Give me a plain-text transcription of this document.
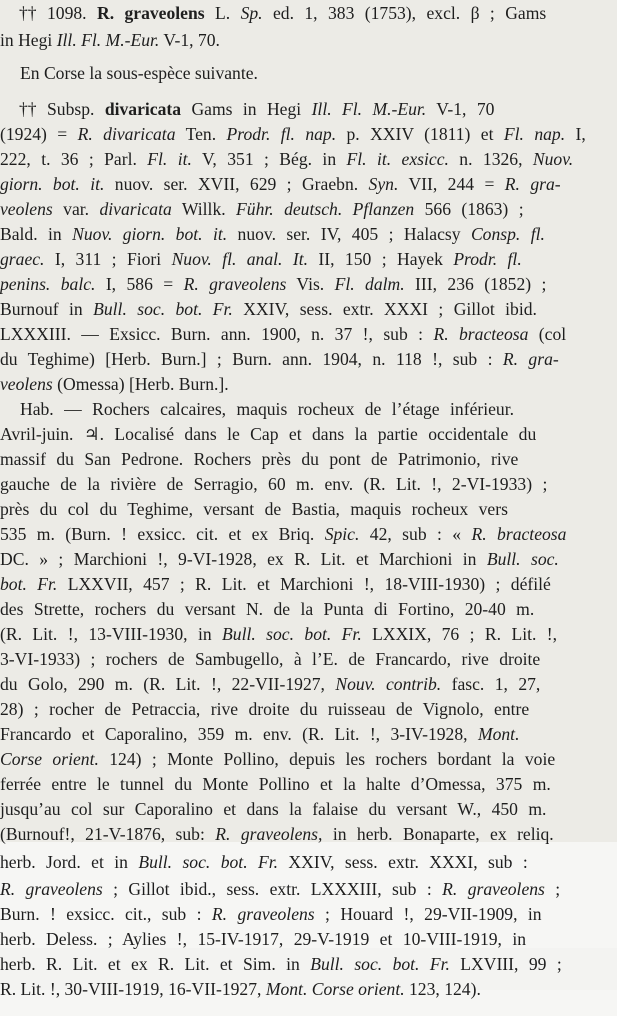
†† 1098. R. graveolens L. Sp. ed. 1, 383 (1753), excl. β ; Gams
in Hegi Ill. Fl. M.-Eur. V-1, 70.
En Corse la sous-espèce suivante.
†† Subsp. divaricata Gams in Hegi Ill. Fl. M.-Eur. V-1, 70
(1924) = R. divaricata Ten. Prodr. fl. nap. p. XXIV (1811) et Fl. nap. I,
222, t. 36 ; Parl. Fl. it. V, 351 ; Bég. in Fl. it. exsicc. n. 1326, Nuov.
giorn. bot. it. nuov. ser. XVII, 629 ; Graebn. Syn. VII, 244 = R. gra-
veolens var. divaricata Willk. Führ. deutsch. Pflanzen 566 (1863) ;
Bald. in Nuov. giorn. bot. it. nuov. ser. IV, 405 ; Halacsy Consp. fl.
graec. I, 311 ; Fiori Nuov. fl. anal. It. II, 150 ; Hayek Prodr. fl.
penins. balc. I, 586 = R. graveolens Vis. Fl. dalm. III, 236 (1852) ;
Burnouf in Bull. soc. bot. Fr. XXIV, sess. extr. XXXI ; Gillot ibid.
LXXXIII. — Exsicc. Burn. ann. 1900, n. 37 !, sub : R. bracteosa (col
du Teghime) [Herb. Burn.] ; Burn. ann. 1904, n. 118 !, sub : R. gra-
veolens (Omessa) [Herb. Burn.].
Hab. — Rochers calcaires, maquis rocheux de l’étage inférieur.
Avril-juin. ♃. Localisé dans le Cap et dans la partie occidentale du
massif du San Pedrone. Rochers près du pont de Patrimonio, rive
gauche de la rivière de Serragio, 60 m. env. (R. Lit. !, 2-VI-1933) ;
près du col du Teghime, versant de Bastia, maquis rocheux vers
535 m. (Burn. ! exsicc. cit. et ex Briq. Spic. 42, sub : « R. bracteosa
DC. » ; Marchioni !, 9-VI-1928, ex R. Lit. et Marchioni in Bull. soc.
bot. Fr. LXXVII, 457 ; R. Lit. et Marchioni !, 18-VIII-1930) ; défilé
des Strette, rochers du versant N. de la Punta di Fortino, 20-40 m.
(R. Lit. !, 13-VIII-1930, in Bull. soc. bot. Fr. LXXIX, 76 ; R. Lit. !,
3-VI-1933) ; rochers de Sambugello, à l’E. de Francardo, rive droite
du Golo, 290 m. (R. Lit. !, 22-VII-1927, Nouv. contrib. fasc. 1, 27,
28) ; rocher de Petraccia, rive droite du ruisseau de Vignolo, entre
Francardo et Caporalino, 359 m. env. (R. Lit. !, 3-IV-1928, Mont.
Corse orient. 124) ; Monte Pollino, depuis les rochers bordant la voie
ferrée entre le tunnel du Monte Pollino et la halte d’Omessa, 375 m.
jusqu’au col sur Caporalino et dans la falaise du versant W., 450 m.
(Burnouf!, 21-V-1876, sub: R. graveolens, in herb. Bonaparte, ex reliq.
herb. Jord. et in Bull. soc. bot. Fr. XXIV, sess. extr. XXXI, sub :
R. graveolens ; Gillot ibid., sess. extr. LXXXIII, sub : R. graveolens ;
Burn. ! exsicc. cit., sub : R. graveolens ; Houard !, 29-VII-1909, in
herb. Deless. ; Aylies !, 15-IV-1917, 29-V-1919 et 10-VIII-1919, in
herb. R. Lit. et ex R. Lit. et Sim. in Bull. soc. bot. Fr. LXVIII, 99 ;
R. Lit. !, 30-VIII-1919, 16-VII-1927, Mont. Corse orient. 123, 124).
